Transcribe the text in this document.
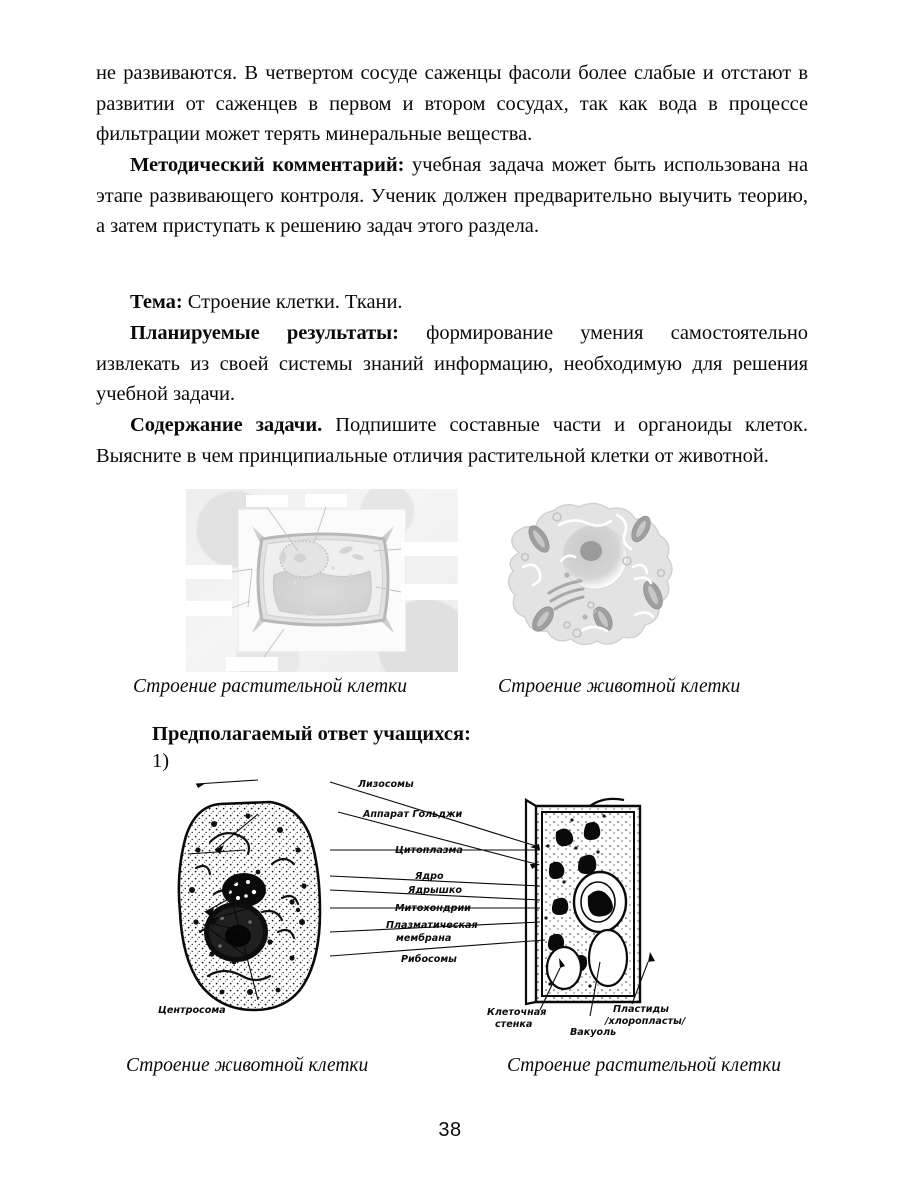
не развиваются. В четвертом сосуде саженцы фасоли более слабые и отстают в развитии от саженцев в первом и втором сосудах, так как вода в процессе фильтрации может терять минеральные вещества.

Методический комментарий: учебная задача может быть использована на этапе развивающего контроля. Ученик должен предварительно выучить теорию, а затем приступать к решению задач этого раздела.

Тема: Строение клетки. Ткани.

Планируемые результаты: формирование умения самостоятельно извлекать из своей системы знаний информацию, необходимую для решения учебной задачи.

Содержание задачи. Подпишите составные части и органоиды клеток. Выясните в чем принципиальные отличия растительной клетки от животной.

Строение растительной клетки	Строение животной клетки
Предполагаемый ответ учащихся:
1)
Лизосомы
Аппарат Гольджи
Цитоплазма
Ядро
Ядрышко
Митохондрии
Плазматическая
мембрана
Рибосомы
Центросома	Клеточная
стенка
Вакуоль
Пластиды
/хлоропласты/
Строение животной клетки	Строение растительной клетки
38
